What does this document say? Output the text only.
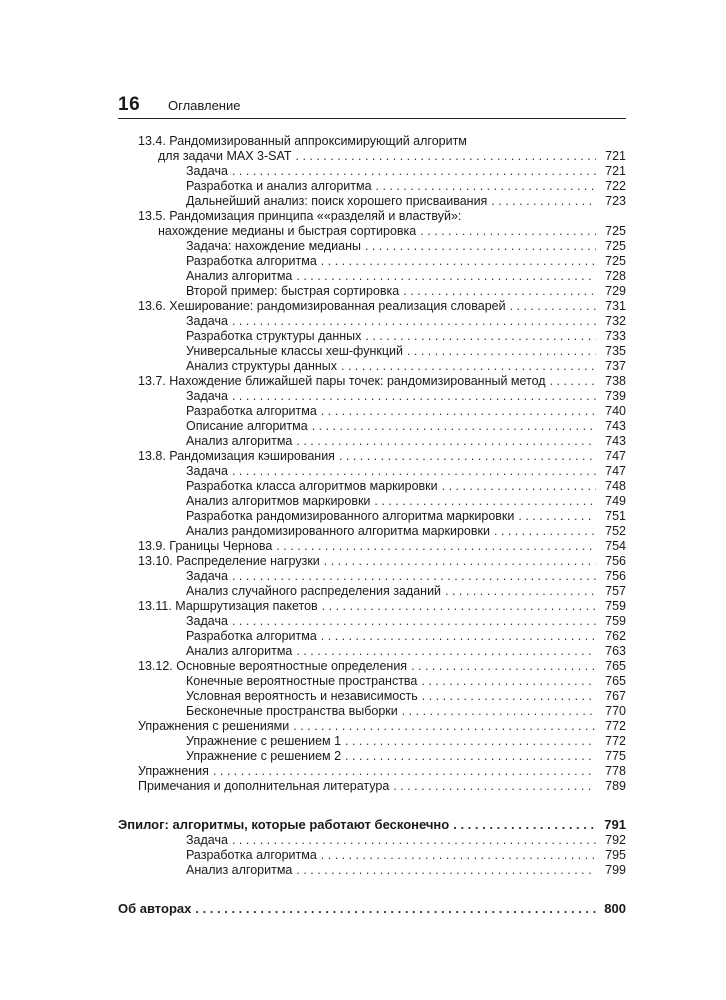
16 Оглавление
13.4. Рандомизированный аппроксимирующий алгоритм
для задачи MAX 3-SAT . . .	721
Задача . . .	721
Разработка и анализ алгоритма . . .	722
Дальнейший анализ: поиск хорошего присваивания . . .	723
13.5. Рандомизация принципа ««разделяй и властвуй»:
нахождение медианы и быстрая сортировка . . .	725
Задача: нахождение медианы . . .	725
Разработка алгоритма . . .	725
Анализ алгоритма . . .	728
Второй пример: быстрая сортировка . . .	729
13.6. Хеширование: рандомизированная реализация словарей . . .	731
Задача . . .	732
Разработка структуры данных . . .	733
Универсальные классы хеш-функций . . .	735
Анализ структуры данных . . .	737
13.7. Нахождение ближайшей пары точек: рандомизированный метод . . .	738
Задача . . .	739
Разработка алгоритма . . .	740
Описание алгоритма . . .	743
Анализ алгоритма . . .	743
13.8. Рандомизация кэширования . . .	747
Задача . . .	747
Разработка класса алгоритмов маркировки . . .	748
Анализ алгоритмов маркировки . . .	749
Разработка рандомизированного алгоритма маркировки . . .	751
Анализ рандомизированного алгоритма маркировки . . .	752
13.9. Границы Чернова . . .	754
13.10. Распределение нагрузки . . .	756
Задача . . .	756
Анализ случайного распределения заданий . . .	757
13.11. Маршрутизация пакетов . . .	759
Задача . . .	759
Разработка алгоритма . . .	762
Анализ алгоритма . . .	763
13.12. Основные вероятностные определения . . .	765
Конечные вероятностные пространства . . .	765
Условная вероятность и независимость . . .	767
Бесконечные пространства выборки . . .	770
Упражнения с решениями . . .	772
Упражнение с решением 1 . . .	772
Упражнение с решением 2 . . .	775
Упражнения . . .	778
Примечания и дополнительная литература . . .	789
Эпилог: алгоритмы, которые работают бесконечно . . .	791
Задача . . .	792
Разработка алгоритма . . .	795
Анализ алгоритма . . .	799
Об авторах . . .	800
